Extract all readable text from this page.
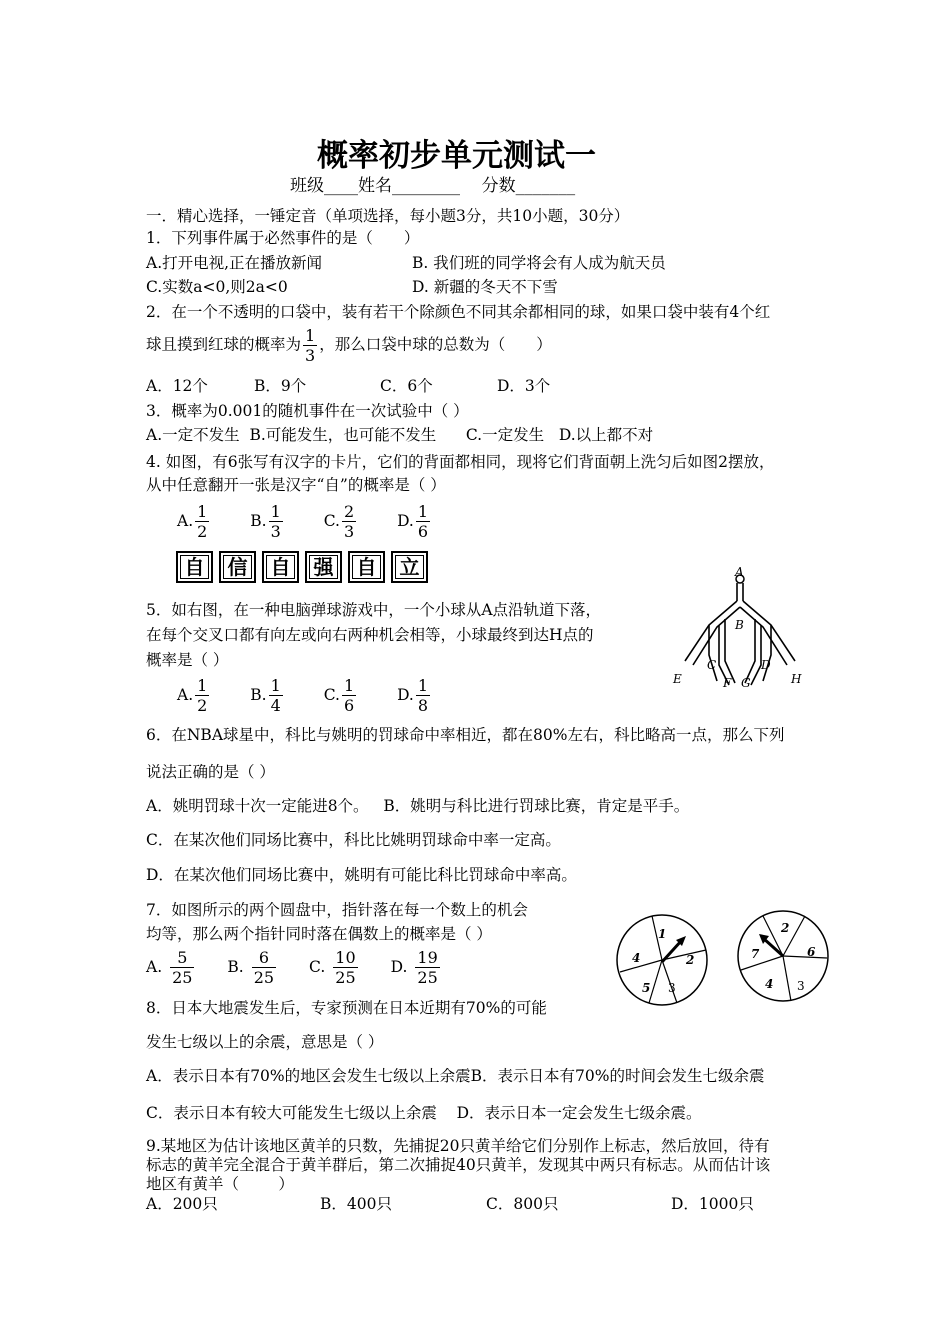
概率初步单元测试一
班级____姓名________    分数_______
一．精心选择，一锤定音（单项选择，每小题3分，共10小题，30分）
1．下列事件属于必然事件的是（　　）
A.打开电视,正在播放新闻	B. 我们班的同学将会有人成为航天员
C.实数a<0,则2a<0	D. 新疆的冬天不下雪
2．在一个不透明的口袋中，装有若干个除颜色不同其余都相同的球，如果口袋中装有4个红
球且摸到红球的概率为 $\frac{1}{3}$ ，那么口袋中球的总数为（　　）
A．12个	B．9个	C．6个	D．3个
3．概率为0.001的随机事件在一次试验中（ ）
A.一定不发生  B.可能发生，也可能不发生      C.一定发生   D.以上都不对
4. 如图，有6张写有汉字的卡片，它们的背面都相同，现将它们背面朝上洗匀后如图2摆放，
从中任意翻开一张是汉字“自”的概率是（ ）
A. $\frac{1}{2}$	B. $\frac{1}{3}$	C. $\frac{2}{3}$	D. $\frac{1}{6}$
自	信	自	强	自	立
5．如右图，在一种电脑弹球游戏中，一个小球从A点沿轨道下落，
在每个交叉口都有向左或向右两种机会相等，小球最终到达H点的
概率是（ ）
A. $\frac{1}{2}$	B. $\frac{1}{4}$	C. $\frac{1}{6}$	D. $\frac{1}{8}$
A
B
C	D
E	F G	H
6．在NBA球星中，科比与姚明的罚球命中率相近，都在80%左右，科比略高一点，那么下列
说法正确的是（ ）
A．姚明罚球十次一定能进8个。   B．姚明与科比进行罚球比赛，肯定是平手。
C．在某次他们同场比赛中，科比比姚明罚球命中率一定高。
D．在某次他们同场比赛中，姚明有可能比科比罚球命中率高。
7．如图所示的两个圆盘中，指针落在每一个数上的机会
均等，那么两个指针同时落在偶数上的概率是（ ）
A. $\frac{5}{25} B$. $\frac{6}{25} C$. $\frac{10}{25} D$. $\frac{19}{25}$
1
2
3
5
4
2
6
3
4
7
8．日本大地震发生后，专家预测在日本近期有70%的可能
发生七级以上的余震，意思是（ ）
A．表示日本有70%的地区会发生七级以上余震B．表示日本有70%的时间会发生七级余震
C．表示日本有较大可能发生七级以上余震    D．表示日本一定会发生七级余震。
9.某地区为估计该地区黄羊的只数，先捕捉20只黄羊给它们分别作上标志，然后放回，待有
标志的黄羊完全混合于黄羊群后，第二次捕捉40只黄羊，发现其中两只有标志。从而估计该
地区有黄羊（        ）
A．200只	B．400只	C．800只	D．1000只
